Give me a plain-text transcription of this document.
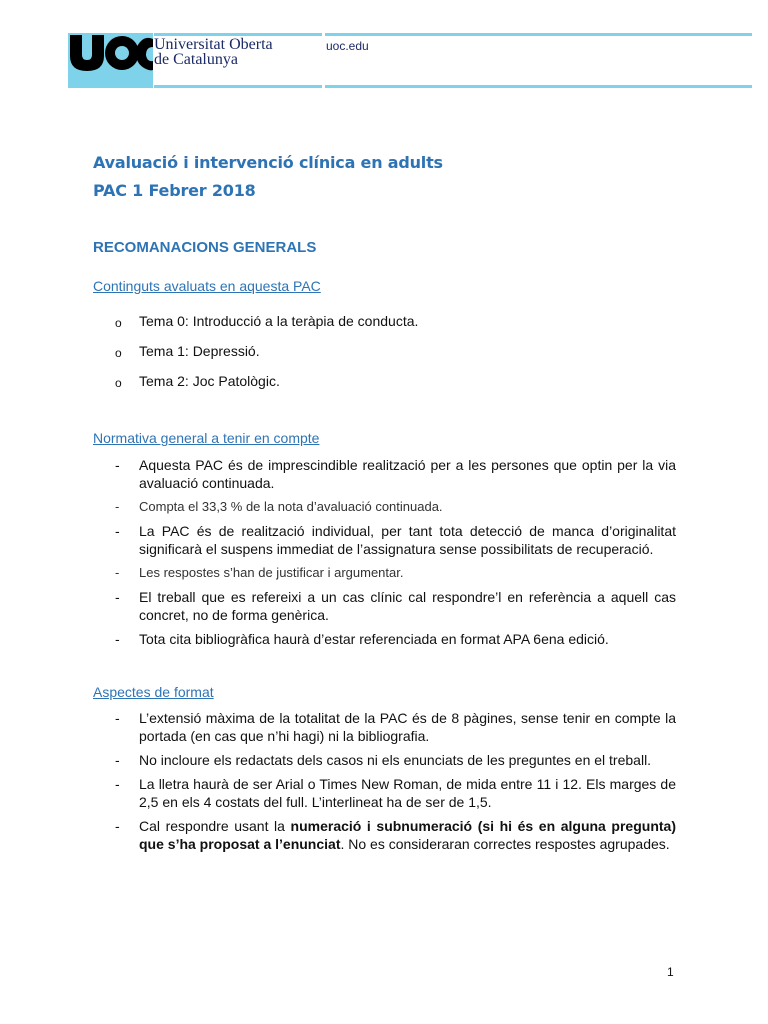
Universitat Oberta
de Catalunya
uoc.edu
Avaluació i intervenció clínica en adults
PAC 1 Febrer 2018
RECOMANACIONS GENERALS
Continguts avaluats en aquesta PAC
o Tema 0: Introducció a la teràpia de conducta.
o Tema 1: Depressió.
o Tema 2: Joc Patològic.
Normativa general a tenir en compte
- Aquesta PAC és de imprescindible realització per a les persones que optin per la via avaluació continuada.
- Compta el 33,3 % de la nota d’avaluació continuada.
- La PAC és de realització individual, per tant tota detecció de manca d’originalitat significarà el suspens immediat de l’assignatura sense possibilitats de recuperació.
- Les respostes s’han de justificar i argumentar.
- El treball que es refereixi a un cas clínic cal respondre’l en referència a aquell cas concret, no de forma genèrica.
- Tota cita bibliogràfica haurà d’estar referenciada en format APA 6ena edició.
Aspectes de format
- L’extensió màxima de la totalitat de la PAC és de 8 pàgines, sense tenir en compte la portada (en cas que n’hi hagi) ni la bibliografia.
- No incloure els redactats dels casos ni els enunciats de les preguntes en el treball.
- La lletra haurà de ser Arial o Times New Roman, de mida entre 11 i 12. Els marges de 2,5 en els 4 costats del full. L’interlineat ha de ser de 1,5.
- Cal respondre usant la numeració i subnumeració (si hi és en alguna pregunta) que s’ha proposat a l’enunciat. No es consideraran correctes respostes agrupades.
1
